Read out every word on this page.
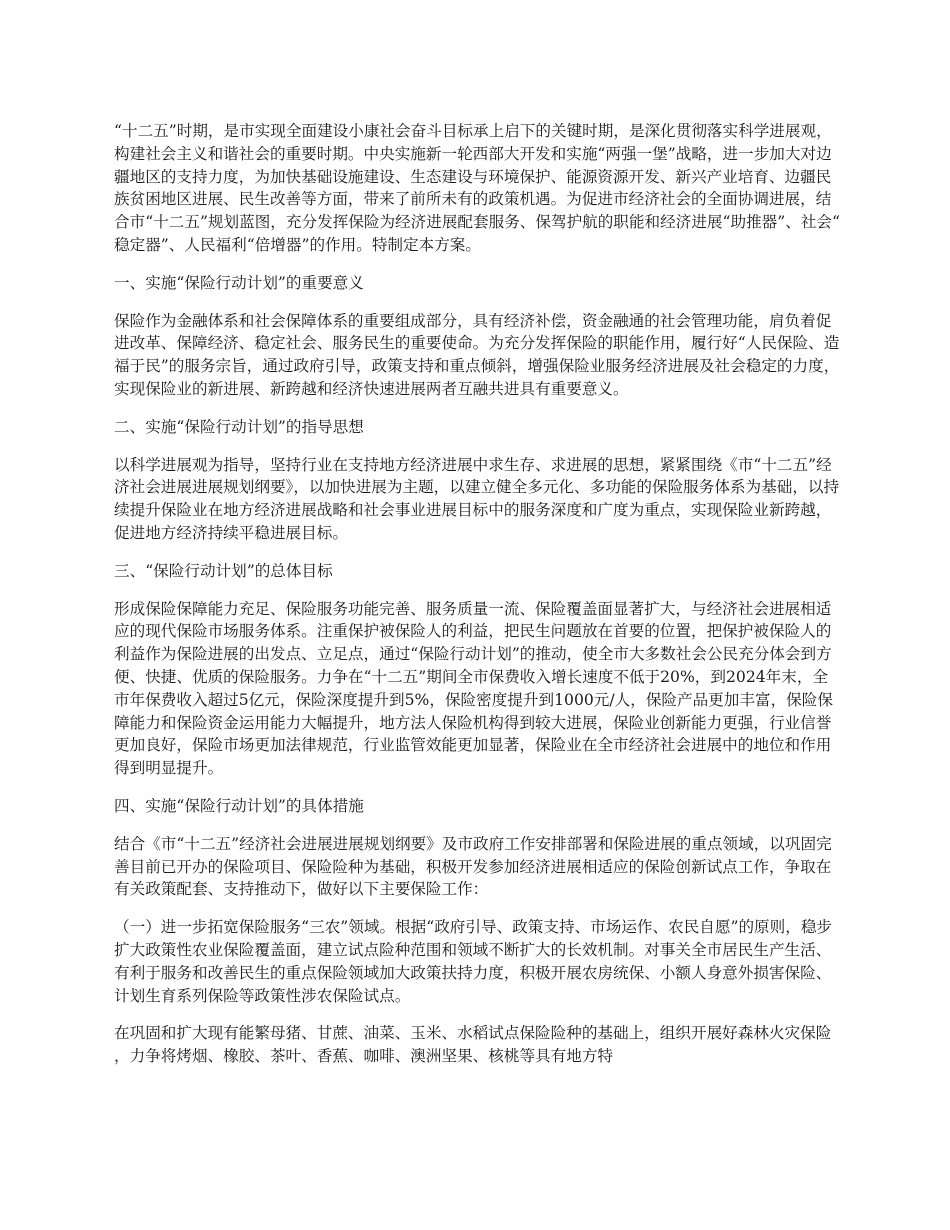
“十二五”时期，是市实现全面建设小康社会奋斗目标承上启下的关键时期，是深化贯彻落实科学进展观，构建社会主义和谐社会的重要时期。中央实施新一轮西部大开发和实施“两强一堡”战略，进一步加大对边疆地区的支持力度，为加快基础设施建设、生态建设与环境保护、能源资源开发、新兴产业培育、边疆民族贫困地区进展、民生改善等方面，带来了前所未有的政策机遇。为促进市经济社会的全面协调进展，结合市“十二五”规划蓝图，充分发挥保险为经济进展配套服务、保驾护航的职能和经济进展“助推器”、社会“稳定器”、人民福利“倍增器”的作用。特制定本方案。

一、实施“保险行动计划”的重要意义

保险作为金融体系和社会保障体系的重要组成部分，具有经济补偿，资金融通的社会管理功能，肩负着促进改革、保障经济、稳定社会、服务民生的重要使命。为充分发挥保险的职能作用，履行好“人民保险、造福于民”的服务宗旨，通过政府引导，政策支持和重点倾斜，增强保险业服务经济进展及社会稳定的力度，实现保险业的新进展、新跨越和经济快速进展两者互融共进具有重要意义。

二、实施“保险行动计划”的指导思想

以科学进展观为指导，坚持行业在支持地方经济进展中求生存、求进展的思想，紧紧围绕《市“十二五”经济社会进展进展规划纲要》，以加快进展为主题，以建立健全多元化、多功能的保险服务体系为基础，以持续提升保险业在地方经济进展战略和社会事业进展目标中的服务深度和广度为重点，实现保险业新跨越，促进地方经济持续平稳进展目标。

三、“保险行动计划”的总体目标

形成保险保障能力充足、保险服务功能完善、服务质量一流、保险覆盖面显著扩大，与经济社会进展相适应的现代保险市场服务体系。注重保护被保险人的利益，把民生问题放在首要的位置，把保护被保险人的利益作为保险进展的出发点、立足点，通过“保险行动计划”的推动，使全市大多数社会公民充分体会到方便、快捷、优质的保险服务。力争在“十二五”期间全市保费收入增长速度不低于20%，到2024年末，全市年保费收入超过5亿元，保险深度提升到5%，保险密度提升到1000元/人，保险产品更加丰富，保险保障能力和保险资金运用能力大幅提升，地方法人保险机构得到较大进展，保险业创新能力更强，行业信誉更加良好，保险市场更加法律规范，行业监管效能更加显著，保险业在全市经济社会进展中的地位和作用得到明显提升。

四、实施“保险行动计划”的具体措施

结合《市“十二五”经济社会进展进展规划纲要》及市政府工作安排部署和保险进展的重点领域，以巩固完善目前已开办的保险项目、保险险种为基础，积极开发参加经济进展相适应的保险创新试点工作，争取在有关政策配套、支持推动下，做好以下主要保险工作：

（一）进一步拓宽保险服务“三农”领域。根据“政府引导、政策支持、市场运作、农民自愿”的原则，稳步扩大政策性农业保险覆盖面，建立试点险种范围和领域不断扩大的长效机制。对事关全市居民生产生活、有利于服务和改善民生的重点保险领域加大政策扶持力度，积极开展农房统保、小额人身意外损害保险、计划生育系列保险等政策性涉农保险试点。

在巩固和扩大现有能繁母猪、甘蔗、油菜、玉米、水稻试点保险险种的基础上，组织开展好森林火灾保险，力争将烤烟、橡胶、茶叶、香蕉、咖啡、澳洲坚果、核桃等具有地方特
